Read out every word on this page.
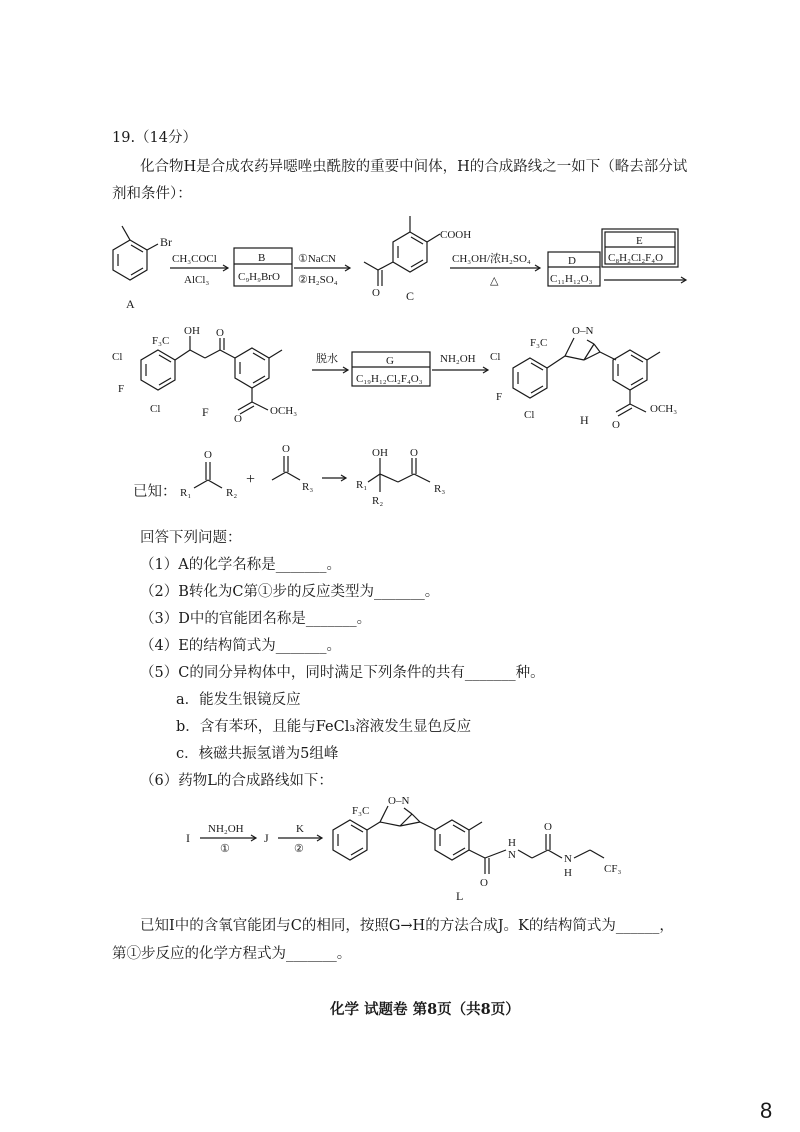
19.（14分）
化合物H是合成农药异噁唑虫酰胺的重要中间体，H的合成路线之一如下（略去部分试
剂和条件）：
已知：
回答下列问题：
（1）A的化学名称是_______。
（2）B转化为C第①步的反应类型为_______。
（3）D中的官能团名称是_______。
（4）E的结构简式为_______。
（5）C的同分异构体中，同时满足下列条件的共有_______种。
a．能发生银镜反应
b．含有苯环，且能与FeCl₃溶液发生显色反应
c．核磁共振氢谱为5组峰
（6）药物L的合成路线如下：
已知I中的含氧官能团与C的相同，按照G→H的方法合成J。K的结构简式为______，
第①步反应的化学方程式为_______。
化学 试题卷 第8页（共8页）
8
Br
A
CH₃COCl
AlCl₃
B
C₉H₉BrO
①NaCN
②H₂SO₄
COOH
O C
CH₃OH/浓H₂SO₄
△
D
C₁₁H₁₂O₃
E
C₈H₂Cl₂F₄O
F₃C
OH O
Cl
F
Cl
O
OCH₃
F
脱水	G
C₁₉H₁₂Cl₂F₄O₃
NH₂OH
F₃C
O–N
Cl
F
Cl
O
OCH₃
H
R₁	R₂
O
+
O
R₃	R₁
R₂
OH O
R₃
I
NH₂OH
①
J
K
②
F₃C
O–N
O
H
N
O
N
H	CF₃
L
